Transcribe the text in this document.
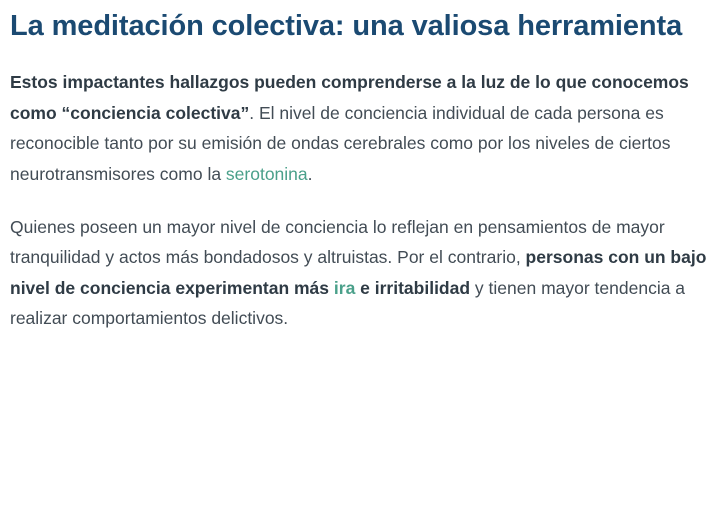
La meditación colectiva: una valiosa herramienta

Estos impactantes hallazgos pueden comprenderse a la luz de lo que conocemos como “conciencia colectiva”. El nivel de conciencia individual de cada persona es reconocible tanto por su emisión de ondas cerebrales como por los niveles de ciertos neurotransmisores como la serotonina.

Quienes poseen un mayor nivel de conciencia lo reflejan en pensamientos de mayor tranquilidad y actos más bondadosos y altruistas. Por el contrario, personas con un bajo nivel de conciencia experimentan más ira e irritabilidad y tienen mayor tendencia a realizar comportamientos delictivos.
